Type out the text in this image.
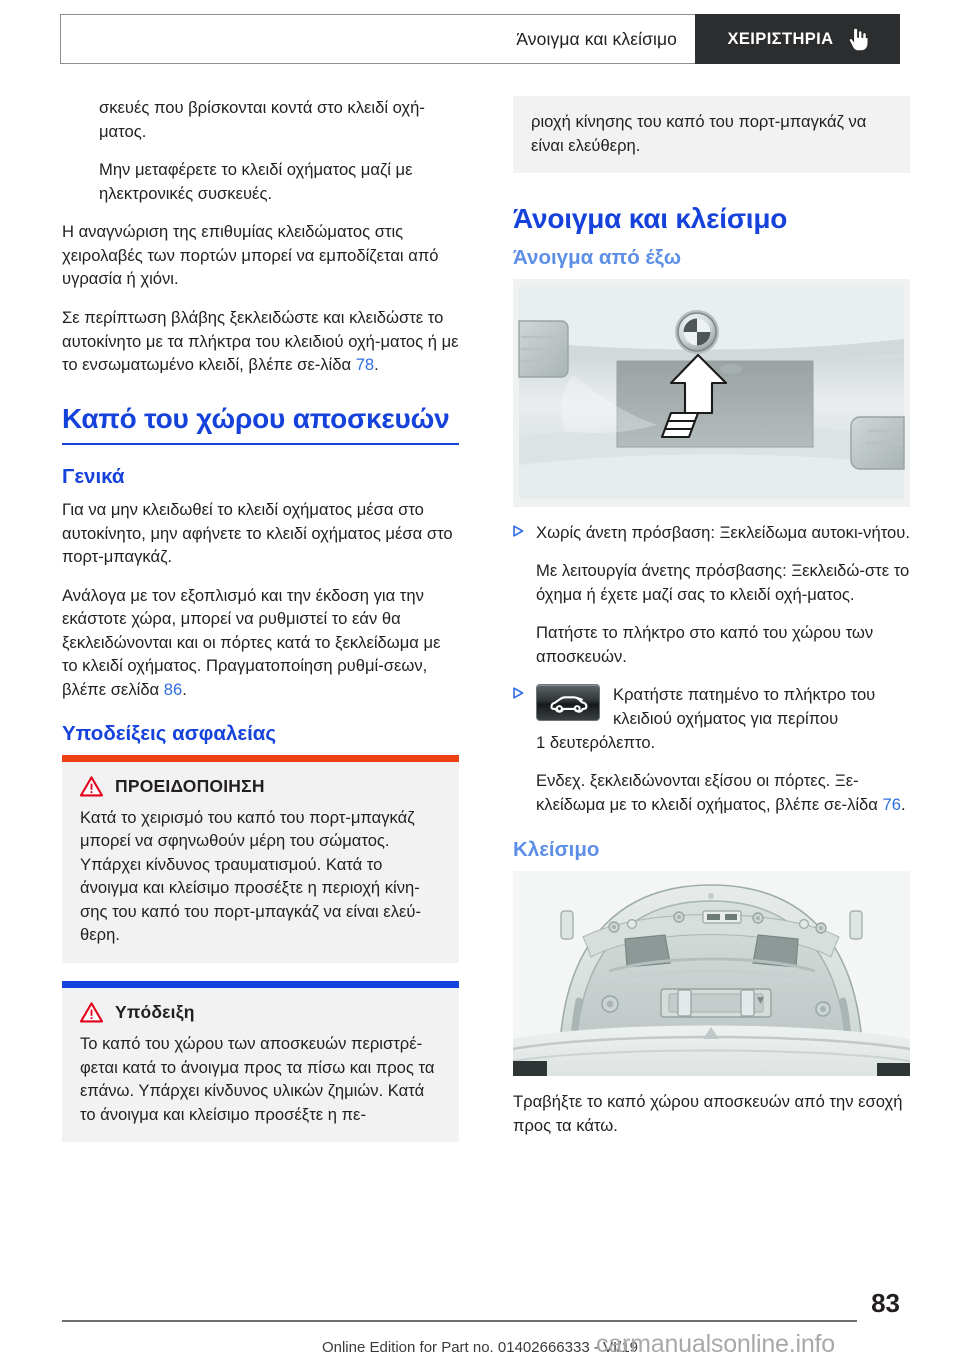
Άνοιγμα και κλείσιμο	ΧΕΙΡΙΣΤΗΡΙΑ

σκευές που βρίσκονται κοντά στο κλειδί οχή-ματος.

Μην μεταφέρετε το κλειδί οχήματος μαζί με ηλεκτρονικές συσκευές.

Η αναγνώριση της επιθυμίας κλειδώματος στις χειρολαβές των πορτών μπορεί να εμποδίζεται από υγρασία ή χιόνι.

Σε περίπτωση βλάβης ξεκλειδώστε και κλειδώστε το αυτοκίνητο με τα πλήκτρα του κλειδιού οχή-ματος ή με το ενσωματωμένο κλειδί, βλέπε σε-λίδα 78.

Καπό του χώρου αποσκευών
Γενικά

Για να μην κλειδωθεί το κλειδί οχήματος μέσα στο αυτοκίνητο, μην αφήνετε το κλειδί οχήματος μέσα στο πορτ-μπαγκάζ.

Ανάλογα με τον εξοπλισμό και την έκδοση για την εκάστοτε χώρα, μπορεί να ρυθμιστεί το εάν θα ξεκλειδώνονται και οι πόρτες κατά το ξεκλείδωμα με το κλειδί οχήματος. Πραγματοποίηση ρυθμί-σεων, βλέπε σελίδα 86.

Υποδείξεις ασφαλείας
ΠΡΟΕΙΔΟΠΟΙΗΣΗ

Κατά το χειρισμό του καπό του πορτ-μπαγκάζ μπορεί να σφηνωθούν μέρη του σώματος. Υπάρχει κίνδυνος τραυματισμού. Κατά το άνοιγμα και κλείσιμο προσέξτε η περιοχή κίνη-σης του καπό του πορτ-μπαγκάζ να είναι ελεύ-θερη.

Υπόδειξη

Το καπό του χώρου των αποσκευών περιστρέ-φεται κατά το άνοιγμα προς τα πίσω και προς τα επάνω. Υπάρχει κίνδυνος υλικών ζημιών. Κατά το άνοιγμα και κλείσιμο προσέξτε η πε-

ριοχή κίνησης του καπό του πορτ-μπαγκάζ να είναι ελεύθερη.

Άνοιγμα και κλείσιμο
Άνοιγμα από έξω

Χωρίς άνετη πρόσβαση: Ξεκλείδωμα αυτοκι-νήτου.

Με λειτουργία άνετης πρόσβασης: Ξεκλειδώ-στε το όχημα ή έχετε μαζί σας το κλειδί οχή-ματος.

Πατήστε το πλήκτρο στο καπό του χώρου των αποσκευών.

Κρατήστε πατημένο το πλήκτρο του κλειδιού οχήματος για περίπου

1 δευτερόλεπτο.

Ενδεχ. ξεκλειδώνονται εξίσου οι πόρτες. Ξε-κλείδωμα με το κλειδί οχήματος, βλέπε σε-λίδα 76.

Κλείσιμο

Τραβήξτε το καπό χώρου αποσκευών από την εσοχή προς τα κάτω.

83
Online Edition for Part no. 01402666333 - VI/19
carmanualsonline.info
